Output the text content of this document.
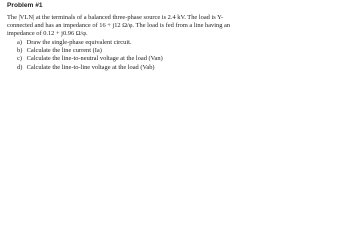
Problem #1
The |VLN| at the terminals of a balanced three-phase source is 2.4 kV. The load is Y-
connected and has an impedance of 16 + j12 Ω/φ. The load is fed from a line having an
impedance of 0.12 + j0.96 Ω/φ.
a) Draw the single-phase equivalent circuit.
b) Calculate the line current (Ia)
c) Calculate the line-to-neutral voltage at the load (Van)
d) Calculate the line-to-line voltage at the load (Vab)
